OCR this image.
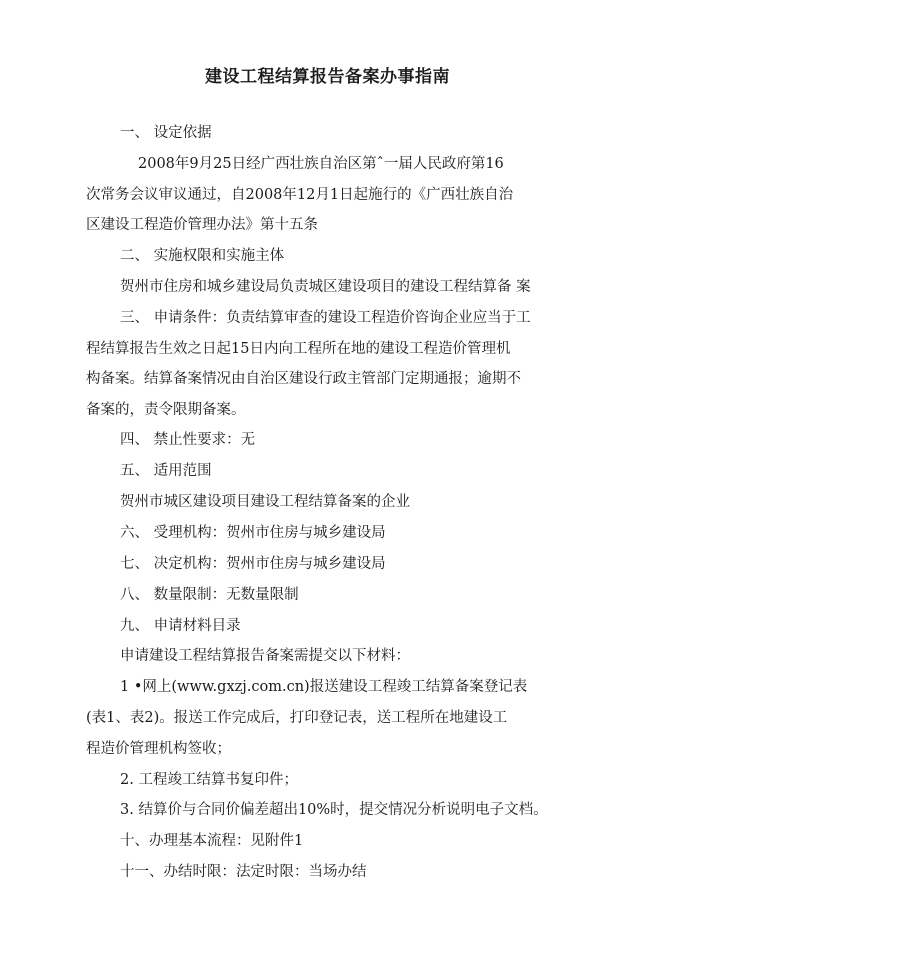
建设工程结算报告备案办事指南
一、 设定依据
2008年9月25日经广西壮族自治区第ˆ一届人民政府第16
次常务会议审议通过，自2008年12月1日起施行的《广西壮族自治
区建设工程造价管理办法》第十五条
二、 实施权限和实施主体
贺州市住房和城乡建设局负责城区建设项目的建设工程结算备 案
三、 申请条件：负责结算审查的建设工程造价咨询企业应当于工
程结算报告生效之日起15日内向工程所在地的建设工程造价管理机
构备案。结算备案情况由自治区建设行政主管部门定期通报；逾期不
备案的，责令限期备案。
四、 禁止性要求：无
五、 适用范围
贺州市城区建设项目建设工程结算备案的企业
六、 受理机构：贺州市住房与城乡建设局
七、 决定机构：贺州市住房与城乡建设局
八、 数量限制：无数量限制
九、 申请材料目录
申请建设工程结算报告备案需提交以下材料：
1 •网上(www.gxzj.com.cn)报送建设工程竣工结算备案登记表
(表1、表2)。报送工作完成后，打印登记表，送工程所在地建设工
程造价管理机构签收；
2. 工程竣工结算书复印件；
3. 结算价与合同价偏差超出10%时，提交情况分析说明电子文档。
十、办理基本流程：见附件1
十一、办结时限：法定时限：当场办结
